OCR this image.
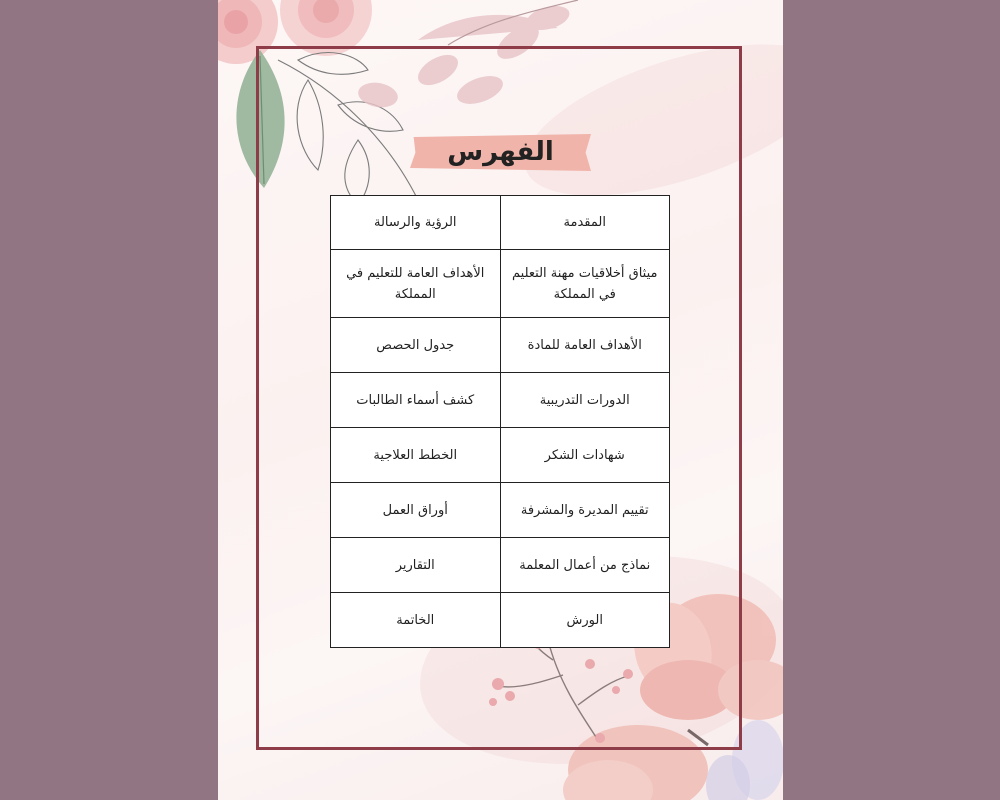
الفهرس
المقدمة	الرؤية والرسالة
ميثاق أخلاقيات مهنة التعليم في المملكة	الأهداف العامة للتعليم في المملكة
الأهداف العامة للمادة	جدول الحصص
الدورات التدريبية	كشف أسماء الطالبات
شهادات الشكر	الخطط العلاجية
تقييم المديرة والمشرفة	أوراق العمل
نماذج من أعمال المعلمة	التقارير
الورش	الخاتمة
